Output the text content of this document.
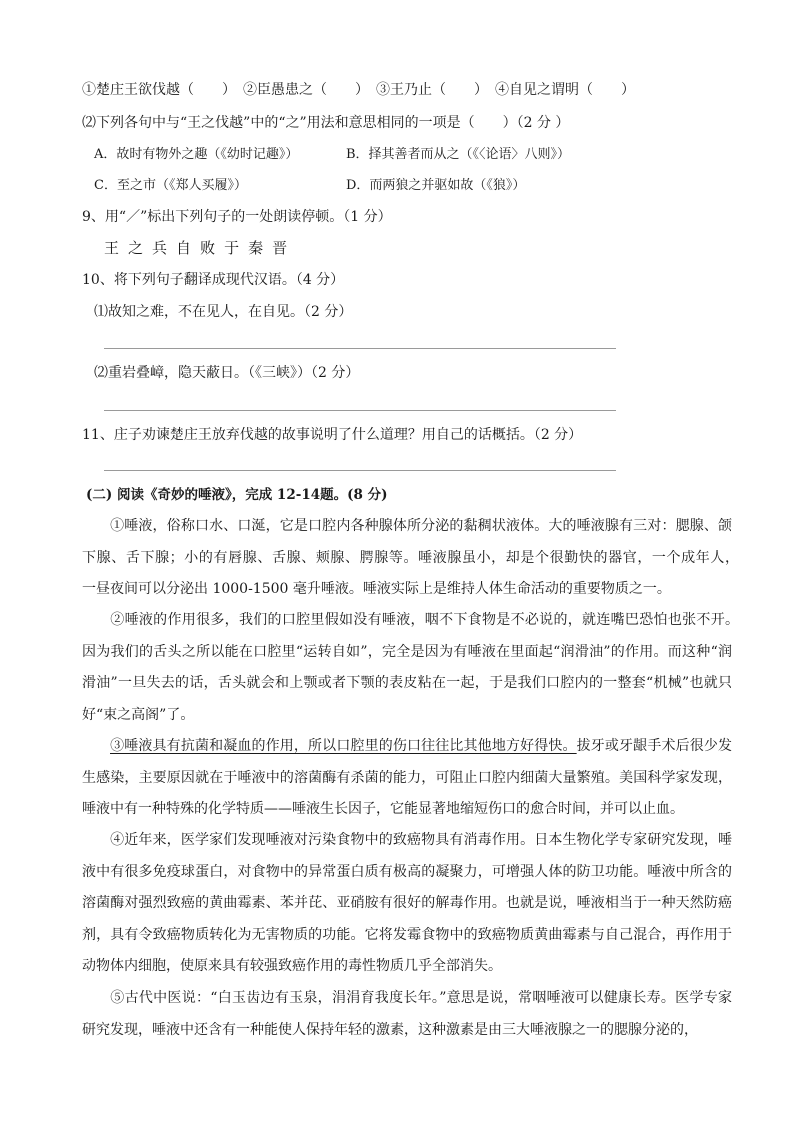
①楚庄王欲伐越（　　）　②臣愚患之（　　）　③王乃止（　　）　④自见之谓明（　　）
⑵下列各句中与“王之伐越”中的“之”用法和意思相同的一项是（　　）（2 分 ）
A．故时有物外之趣（《幼时记趣》）	B．择其善者而从之（《〈论语〉八则》）
C．至之市（《郑人买履》）	D．而两狼之并驱如故（《狼》）
9、用“／”标出下列句子的一处朗读停顿。（1 分）
王 之 兵 自 败 于 秦 晋
10、将下列句子翻译成现代汉语。（4 分）
⑴故知之难，不在见人，在自见。（2 分）
⑵重岩叠嶂，隐天蔽日。（《三峡》）（2 分）
11、庄子劝谏楚庄王放弃伐越的故事说明了什么道理？用自己的话概括。（2 分）
(二) 阅读《奇妙的唾液》，完成 12-14题。(8 分)
①唾液，俗称口水、口涎，它是口腔内各种腺体所分泌的黏稠状液体。大的唾液腺有三对：腮腺、颌下腺、舌下腺；小的有唇腺、舌腺、颊腺、腭腺等。唾液腺虽小，却是个很勤快的器官，一个成年人，　一昼夜间可以分泌出 1000-1500 毫升唾液。唾液实际上是维持人体生命活动的重要物质之一。
②唾液的作用很多，我们的口腔里假如没有唾液，咽不下食物是不必说的，就连嘴巴恐怕也张不开。　因为我们的舌头之所以能在口腔里“运转自如”，完全是因为有唾液在里面起“润滑油”的作用。而这种“润滑油”一旦失去的话，舌头就会和上颚或者下颚的表皮粘在一起，于是我们口腔内的一整套“机械”也就只好“束之高阁”了。
③唾液具有抗菌和凝血的作用，所以口腔里的伤口往往比其他地方好得快。拔牙或牙龈手术后很少发生感染，主要原因就在于唾液中的溶菌酶有杀菌的能力，可阻止口腔内细菌大量繁殖。美国科学家发现，唾液中有一种特殊的化学特质——唾液生长因子，它能显著地缩短伤口的愈合时间，并可以止血。
④近年来，医学家们发现唾液对污染食物中的致癌物具有消毒作用。日本生物化学专家研究发现，唾液中有很多免疫球蛋白，对食物中的异常蛋白质有极高的凝聚力，可增强人体的防卫功能。唾液中所含的溶菌酶对强烈致癌的黄曲霉素、苯并芘、亚硝胺有很好的解毒作用。也就是说，唾液相当于一种天然防癌剂，具有令致癌物质转化为无害物质的功能。它将发霉食物中的致癌物质黄曲霉素与自己混合，再作用于动物体内细胞，使原来具有较强致癌作用的毒性物质几乎全部消失。
⑤古代中医说：“白玉齿边有玉泉，涓涓育我度长年。”意思是说，常咽唾液可以健康长寿。医学专家研究发现，唾液中还含有一种能使人保持年轻的激素，这种激素是由三大唾液腺之一的腮腺分泌的，
